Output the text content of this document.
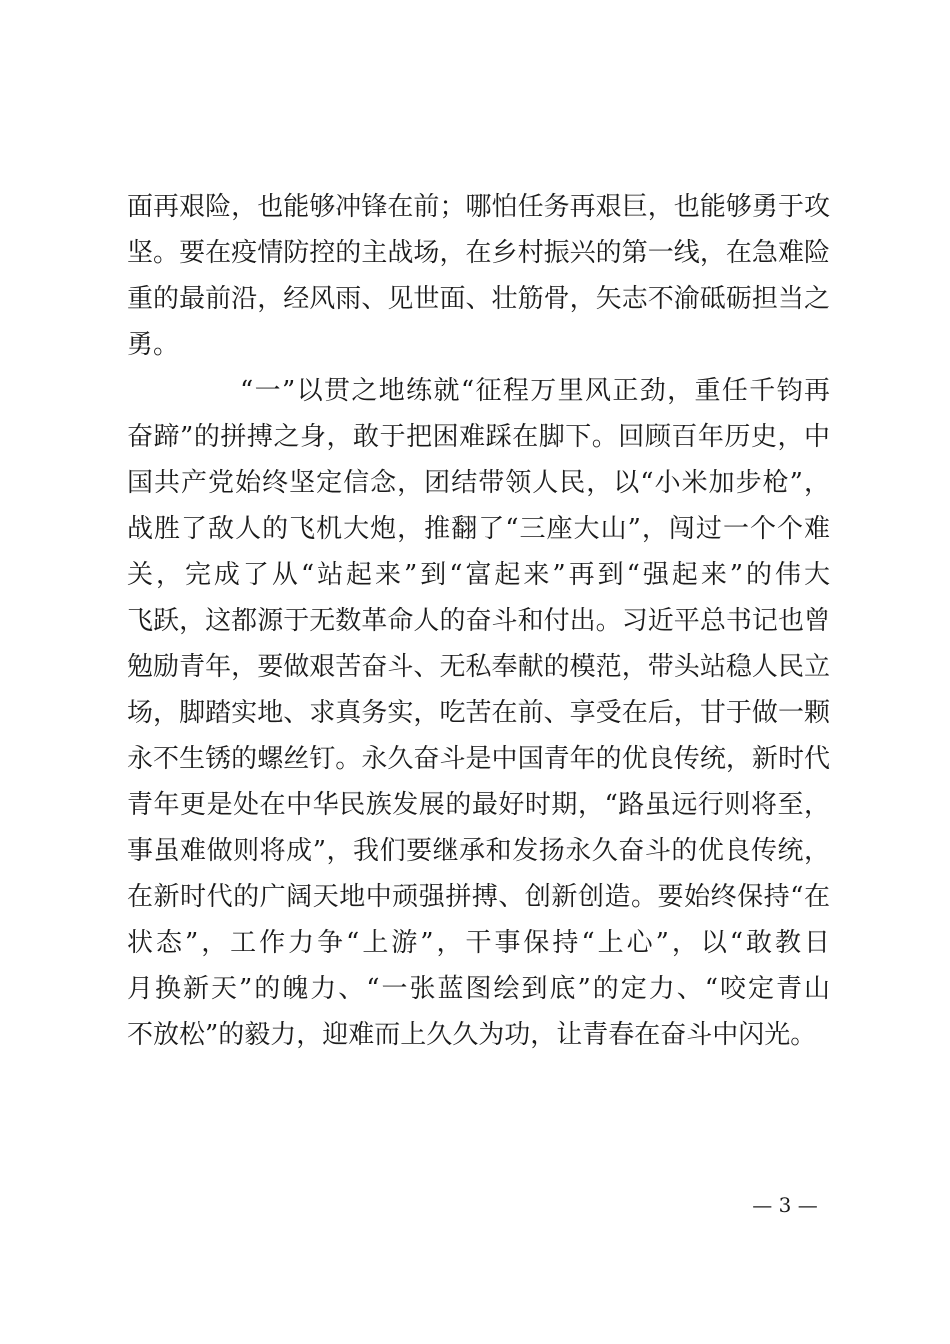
面再艰险，也能够冲锋在前；哪怕任务再艰巨，也能够勇于攻
坚。要在疫情防控的主战场，在乡村振兴的第一线，在急难险
重的最前沿，经风雨、见世面、壮筋骨，矢志不渝砥砺担当之
勇。
“一”以贯之地练就“征程万里风正劲，重任千钧再
奋蹄”的拼搏之身，敢于把困难踩在脚下。回顾百年历史，中
国共产党始终坚定信念，团结带领人民，以“小米加步枪”，
战胜了敌人的飞机大炮，推翻了“三座大山”，闯过一个个难
关，完成了从“站起来”到“富起来”再到“强起来”的伟大
飞跃，这都源于无数革命人的奋斗和付出。习近平总书记也曾
勉励青年，要做艰苦奋斗、无私奉献的模范，带头站稳人民立
场，脚踏实地、求真务实，吃苦在前、享受在后，甘于做一颗
永不生锈的螺丝钉。永久奋斗是中国青年的优良传统，新时代
青年更是处在中华民族发展的最好时期，“路虽远行则将至，
事虽难做则将成”，我们要继承和发扬永久奋斗的优良传统，
在新时代的广阔天地中顽强拼搏、创新创造。要始终保持“在
状态”，工作力争“上游”，干事保持“上心”，以“敢教日
月换新天”的魄力、“一张蓝图绘到底”的定力、“咬定青山
不放松”的毅力，迎难而上久久为功，让青春在奋斗中闪光。
— 3 —
